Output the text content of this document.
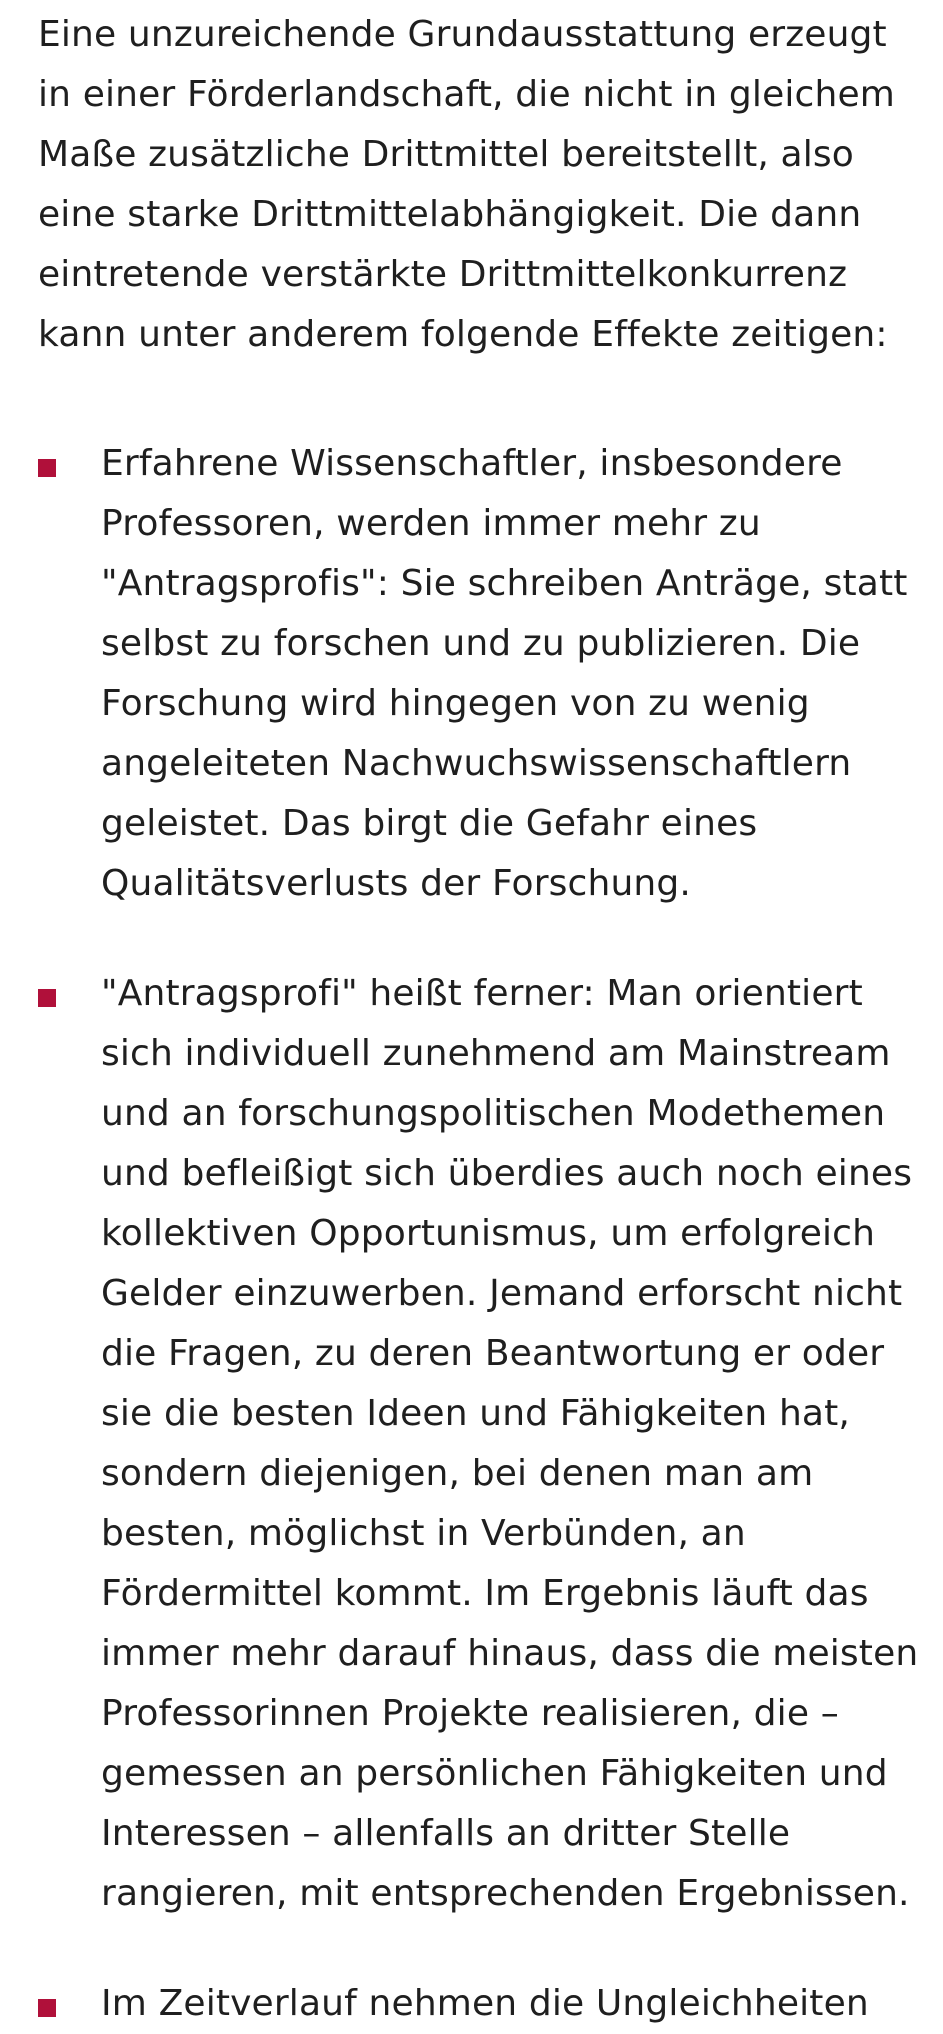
Eine unzureichende Grundausstattung erzeugt in einer Förderlandschaft, die nicht in gleichem Maße zusätzliche Drittmittel bereitstellt, also eine starke Drittmittelabhängigkeit. Die dann eintretende verstärkte Drittmittelkonkurrenz kann unter anderem folgende Effekte zeitigen:

Erfahrene Wissenschaftler, insbesondere Professoren, werden immer mehr zu "Antragsprofis": Sie schreiben Anträge, statt selbst zu forschen und zu publizieren. Die Forschung wird hingegen von zu wenig angeleiteten Nachwuchswissenschaftlern geleistet. Das birgt die Gefahr eines Qualitätsverlusts der Forschung.

"Antragsprofi" heißt ferner: Man orientiert sich individuell zunehmend am Mainstream und an forschungspolitischen Modethemen und befleißigt sich überdies auch noch eines kollektiven Opportunismus, um erfolgreich Gelder einzuwerben. Jemand erforscht nicht die Fragen, zu deren Beantwortung er oder sie die besten Ideen und Fähigkeiten hat, sondern diejenigen, bei denen man am besten, möglichst in Verbünden, an Fördermittel kommt. Im Ergebnis läuft das immer mehr darauf hinaus, dass die meisten Professorinnen Projekte realisieren, die – gemessen an persönlichen Fähigkeiten und Interessen – allenfalls an dritter Stelle rangieren, mit entsprechenden Ergebnissen.

Im Zeitverlauf nehmen die Ungleichheiten
